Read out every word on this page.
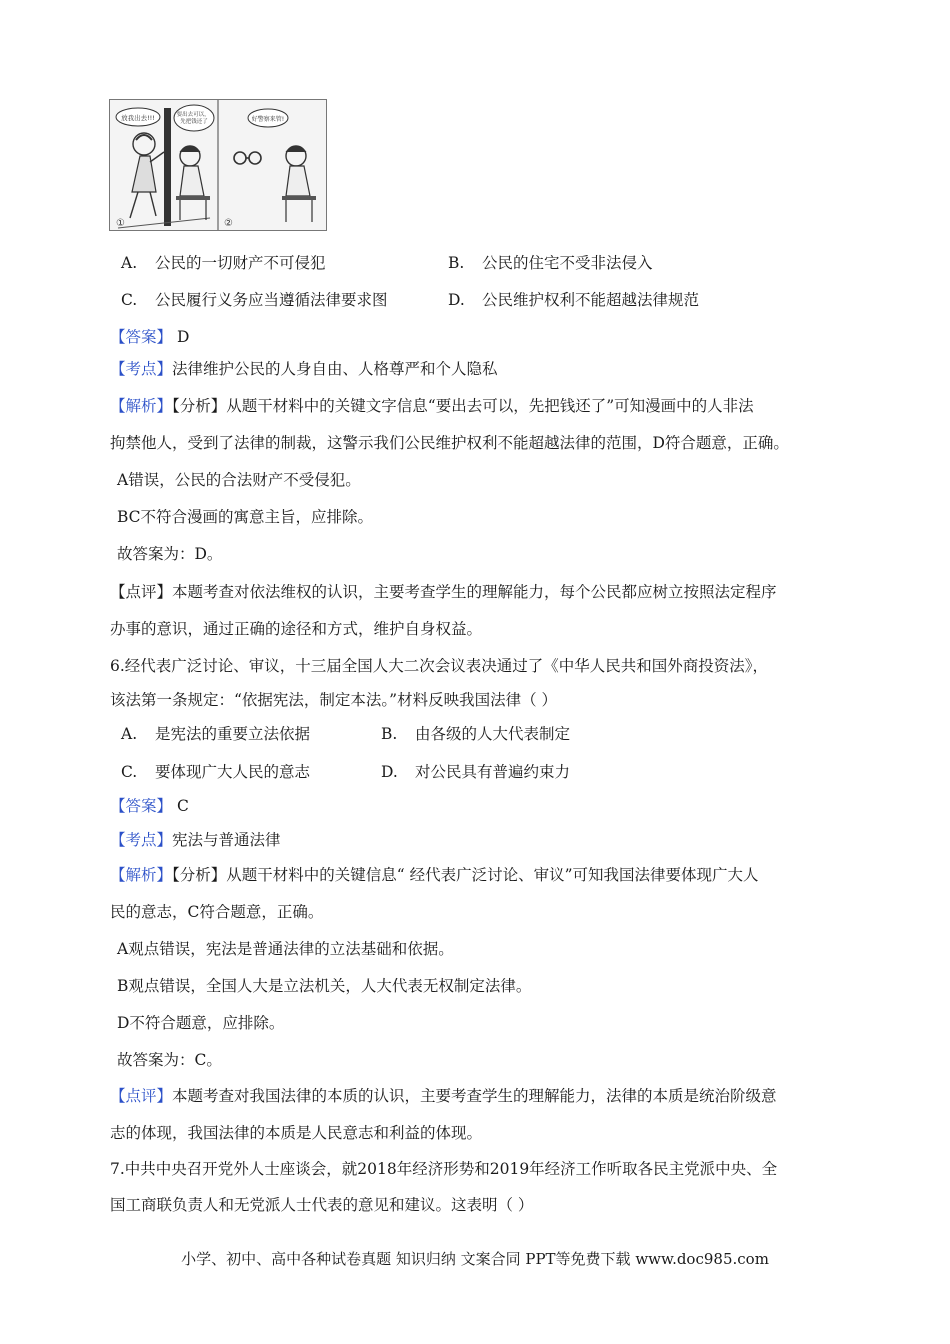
放我出去!!!	要出去可以， 先把钱还了
①
好警察来管!
②
A. 公民的一切财产不可侵犯	B. 公民的住宅不受非法侵入
C. 公民履行义务应当遵循法律要求图	D. 公民维护权利不能超越法律规范
【答案】 D
【考点】法律维护公民的人身自由、人格尊严和个人隐私
【解析】【分析】从题干材料中的关键文字信息“要出去可以，先把钱还了”可知漫画中的人非法
拘禁他人，受到了法律的制裁，这警示我们公民维护权利不能超越法律的范围，D符合题意，正确。
A错误，公民的合法财产不受侵犯。
BC不符合漫画的寓意主旨，应排除。
故答案为：D。
【点评】本题考查对依法维权的认识，主要考查学生的理解能力，每个公民都应树立按照法定程序
办事的意识，通过正确的途径和方式，维护自身权益。
6.经代表广泛讨论、审议，十三届全国人大二次会议表决通过了《中华人民共和国外商投资法》，
该法第一条规定：“依据宪法，制定本法。”材料反映我国法律（ ）
A. 是宪法的重要立法依据	B. 由各级的人大代表制定
C. 要体现广大人民的意志	D. 对公民具有普遍约束力
【答案】 C
【考点】宪法与普通法律
【解析】【分析】从题干材料中的关键信息“ 经代表广泛讨论、审议”可知我国法律要体现广大人
民的意志，C符合题意，正确。
A观点错误，宪法是普通法律的立法基础和依据。
B观点错误，全国人大是立法机关，人大代表无权制定法律。
D不符合题意，应排除。
故答案为：C。
【点评】本题考查对我国法律的本质的认识，主要考查学生的理解能力，法律的本质是统治阶级意
志的体现，我国法律的本质是人民意志和利益的体现。
7.中共中央召开党外人士座谈会，就2018年经济形势和2019年经济工作听取各民主党派中央、全
国工商联负责人和无党派人士代表的意见和建议。这表明（ ）
小学、初中、高中各种试卷真题 知识归纳 文案合同 PPT等免费下载 www.doc985.com
